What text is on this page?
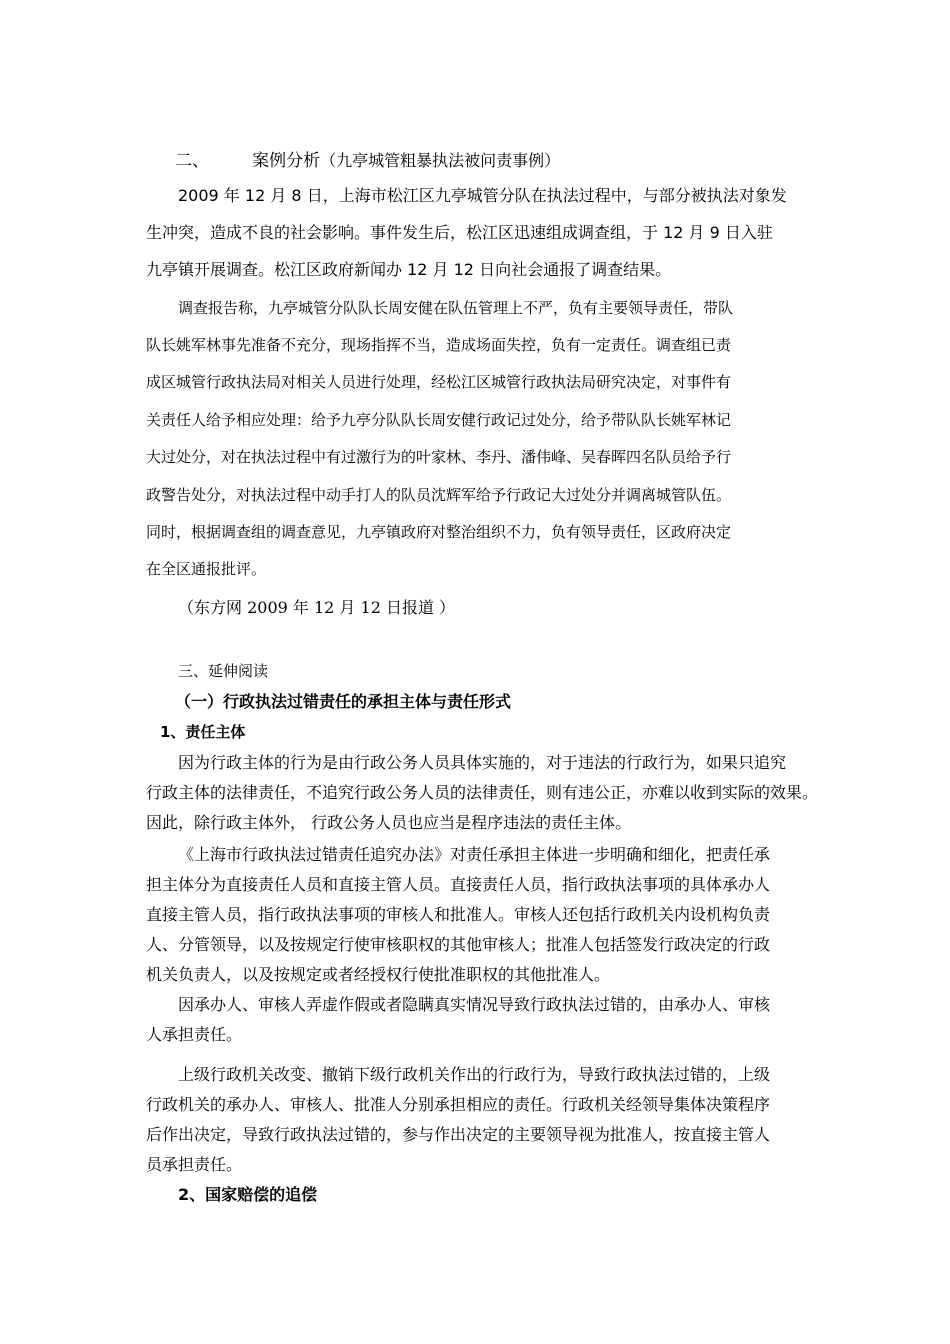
二、	案例分析（九亭城管粗暴执法被问责事例）
2009 年 12 月 8 日，上海市松江区九亭城管分队在执法过程中，与部分被执法对象发
生冲突，造成不良的社会影响。事件发生后，松江区迅速组成调查组，于 12 月 9 日入驻
九亭镇开展调查。松江区政府新闻办 12 月 12 日向社会通报了调查结果。
调查报告称，九亭城管分队队长周安健在队伍管理上不严，负有主要领导责任，带队
队长姚军林事先准备不充分，现场指挥不当，造成场面失控，负有一定责任。调查组已责
成区城管行政执法局对相关人员进行处理，经松江区城管行政执法局研究决定，对事件有
关责任人给予相应处理：给予九亭分队队长周安健行政记过处分，给予带队队长姚军林记
大过处分，对在执法过程中有过激行为的叶家林、李丹、潘伟峰、吴春晖四名队员给予行
政警告处分，对执法过程中动手打人的队员沈辉军给予行政记大过处分并调离城管队伍。
同时，根据调查组的调查意见，九亭镇政府对整治组织不力，负有领导责任，区政府决定
在全区通报批评。
（东方网 2009 年 12 月 12 日报道 ）
三、延伸阅读
（一）行政执法过错责任的承担主体与责任形式
1、责任主体
因为行政主体的行为是由行政公务人员具体实施的，对于违法的行政行为，如果只追究
行政主体的法律责任，不追究行政公务人员的法律责任，则有违公正，亦难以收到实际的效果。
因此，除行政主体外， 行政公务人员也应当是程序违法的责任主体。
《上海市行政执法过错责任追究办法》对责任承担主体进一步明确和细化，把责任承
担主体分为直接责任人员和直接主管人员。直接责任人员，指行政执法事项的具体承办人
直接主管人员，指行政执法事项的审核人和批准人。审核人还包括行政机关内设机构负责
人、分管领导，以及按规定行使审核职权的其他审核人；批准人包括签发行政决定的行政
机关负责人，以及按规定或者经授权行使批准职权的其他批准人。
因承办人、审核人弄虚作假或者隐瞒真实情况导致行政执法过错的，由承办人、审核
人承担责任。
上级行政机关改变、撤销下级行政机关作出的行政行为，导致行政执法过错的，上级
行政机关的承办人、审核人、批准人分别承担相应的责任。行政机关经领导集体决策程序
后作出决定，导致行政执法过错的，参与作出决定的主要领导视为批准人，按直接主管人
员承担责任。
2、国家赔偿的追偿
